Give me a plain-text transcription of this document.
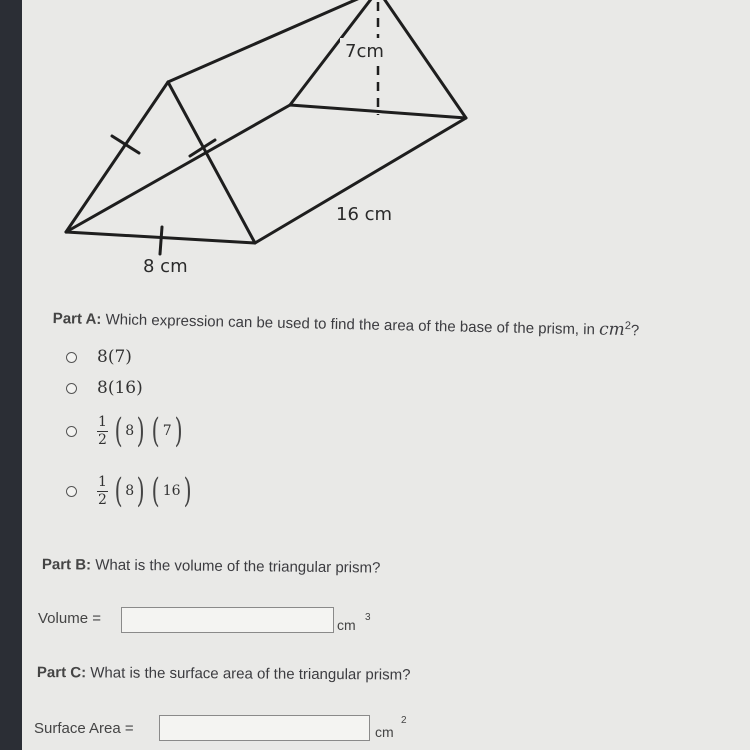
7cm
16 cm
8 cm
Part A: Which expression can be used to find the area of the base of the prism, in $cm^2$?
8(7)
8(16)
$\frac{1}{2}$ ( 8 ) ( 7 )
$\frac{1}{2}$ ( 8 ) ( 16 )
Part B: What is the volume of the triangular prism?
Volume =	cm 3
Part C: What is the surface area of the triangular prism?
Surface Area =	cm
2
